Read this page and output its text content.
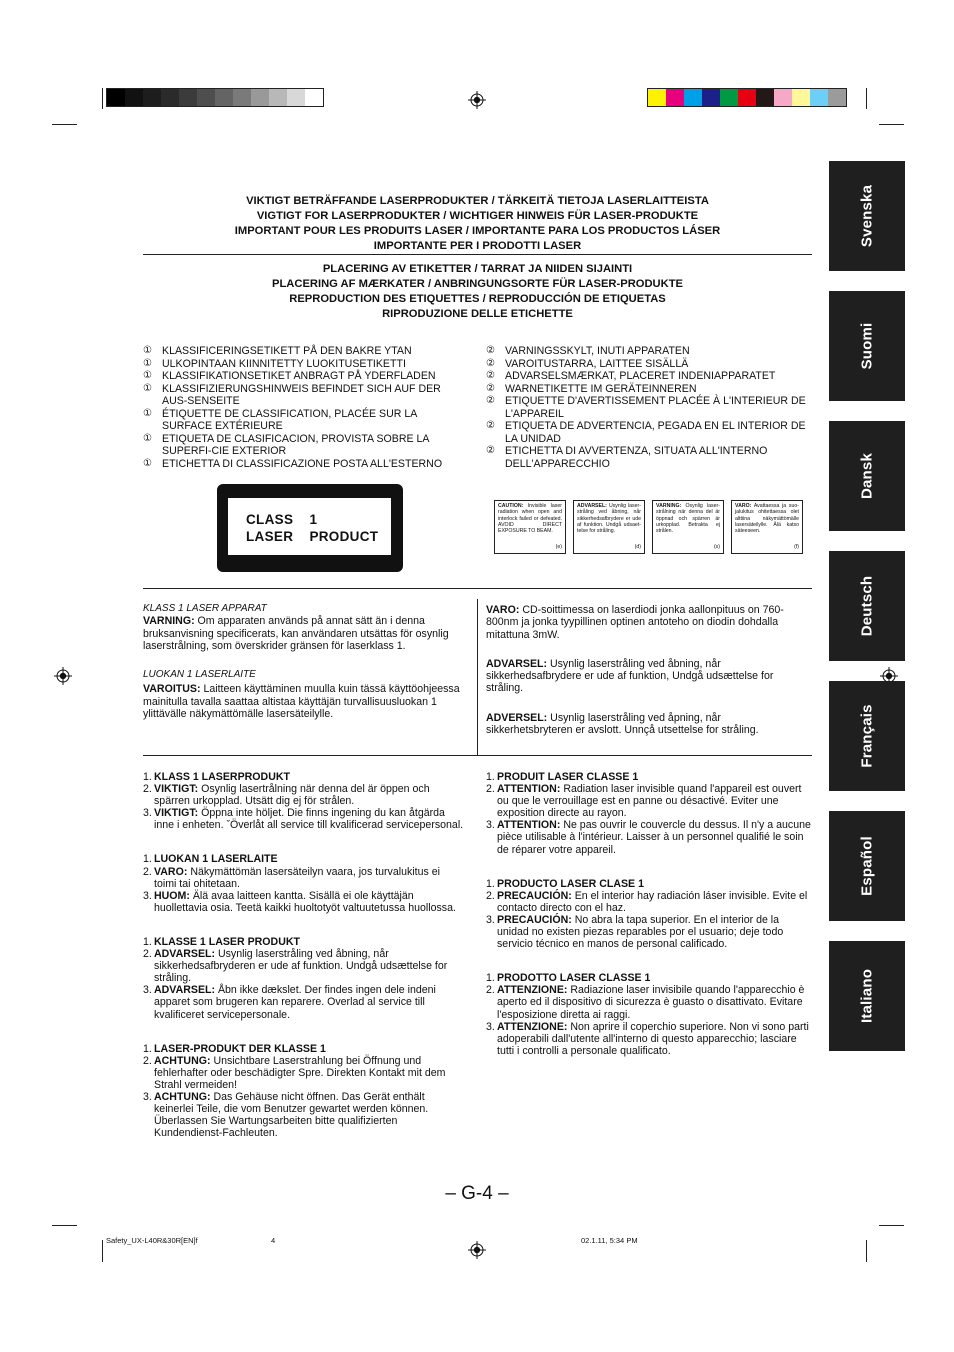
Svenska
Suomi
Dansk
Deutsch
Français
Español
Italiano
VIKTIGT BETRÄFFANDE LASERPRODUKTER / TÄRKEITÄ TIETOJA LASERLAITTEISTA
VIGTIGT FOR LASERPRODUKTER / WICHTIGER HINWEIS FÜR LASER-PRODUKTE
IMPORTANT POUR LES PRODUITS LASER / IMPORTANTE PARA LOS PRODUCTOS LÁSER
IMPORTANTE PER I PRODOTTI LASER
PLACERING AV ETIKETTER / TARRAT JA NIIDEN SIJAINTI
PLACERING AF MÆRKATER / ANBRINGUNGSORTE FÜR LASER-PRODUKTE
REPRODUCTION DES ETIQUETTES / REPRODUCCIÓN DE ETIQUETAS
RIPRODUZIONE DELLE ETICHETTE
① KLASSIFICERINGSETIKETT PÅ DEN BAKRE YTAN
① ULKOPINTAAN KIINNITETTY LUOKITUSETIKETTI
① KLASSIFIKATIONSETIKET ANBRAGT PÅ YDERFLADEN
① KLASSIFIZIERUNGSHINWEIS BEFINDET SICH AUF DER AUS-SENSEITE
① ÉTIQUETTE DE CLASSIFICATION, PLACÉE SUR LA SURFACE EXTÉRIEURE
① ETIQUETA DE CLASIFICACION, PROVISTA SOBRE LA SUPERFI-CIE EXTERIOR
① ETICHETTA DI CLASSIFICAZIONE POSTA ALL'ESTERNO
② VARNINGSSKYLT, INUTI APPARATEN
② VAROITUSTARRA, LAITTEE SISÄLLÄ
② ADVARSELSMÆRKAT, PLACERET INDENIAPPARATET
② WARNETIKETTE IM GERÄTEINNEREN
② ETIQUETTE D'AVERTISSEMENT PLACÉE À L'INTERIEUR DE L'APPAREIL
② ETIQUETA DE ADVERTENCIA, PEGADA EN EL INTERIOR DE LA UNIDAD
② ETICHETTA DI AVVERTENZA, SITUATA ALL'INTERNO DELL'APPARECCHIO
CLASS    1
LASER    PRODUCT
CAUTION: Invisible laser radiation when open and interlock failed or defeated. AVOID DIRECT EXPOSURE TO BEAM.
(e)
ADVARSEL: Usynlig laser-stråling ved åbning, når sikkerhedsafbrydere er ude af funktion. Undgå udsaet-telse for stråling.
(d)
VARNING: Osynlig laser-strålning när denna del är öppnad och spärren är urkopplad. Betrakta ej strålen.
(s)
VARO: Avattaessa ja suo-jalukitus ohitettaessa olet alttiina näkymättömälle lasersäteilylle. Älä katso säteeseen.
(f)

KLASS 1 LASER APPARAT

VARNING: Om apparaten används på annat sätt än i denna bruksanvisning specificerats, kan användaren utsättas för osynlig laserstrålning, som överskrider gränsen för laserklass 1.

LUOKAN 1 LASERLAITE

VAROITUS: Laitteen käyttäminen muulla kuin tässä käyttöohjeessa mainitulla tavalla saattaa altistaa käyttäjän turvallisuusluokan 1 ylittävälle näkymättömälle lasersäteilylle.

VARO: CD-soittimessa on laserdiodi jonka aallonpituus on 760-800nm ja jonka tyypillinen optinen antoteho on diodin dohdalla mitattuna 3mW.

ADVARSEL: Usynlig laserstråling ved åbning, når sikkerhedsafbrydere er ude af funktion, Undgå udsættelse for stråling.

ADVERSEL: Usynlig laserstråling ved åpning, når sikkerhetsbryteren er avslott. Unnçå utsettelse for stråling.

1. KLASS 1 LASERPRODUKT
2. VIKTIGT: Osynlig lasertrålning när denna del är öppen och spärren urkopplad. Utsätt dig ej för strålen.
3. VIKTIGT: Öppna inte höljet. Die finns ingening du kan åtgärda inne i enheten. ˇÖverlåt all service till kvalificerad servicepersonal.
1. LUOKAN 1 LASERLAITE
2. VARO: Näkymättömän lasersäteilyn vaara, jos turvalukitus ei toimi tai ohitetaan.
3. HUOM: Älä avaa laitteen kantta. Sisällä ei ole käyttäjän huollettavia osia. Teetä kaikki huoltotyöt valtuutetussa huollossa.
1. KLASSE 1 LASER PRODUKT
2. ADVARSEL: Usynlig laserstråling ved åbning, når sikkerhedsafbryderen er ude af funktion. Undgå udsættelse for stråling.
3. ADVARSEL: Åbn ikke dækslet. Der findes ingen dele indeni apparet som brugeren kan reparere. Overlad al service till kvalificeret servicepersonale.
1. LASER-PRODUKT DER KLASSE 1
2. ACHTUNG: Unsichtbare Laserstrahlung bei Öffnung und fehlerhafter oder beschädigter Spre. Direkten Kontakt mit dem Strahl vermeiden!
3. ACHTUNG: Das Gehäuse nicht öffnen. Das Gerät enthält keinerlei Teile, die vom Benutzer gewartet werden können. Überlassen Sie Wartungsarbeiten bitte qualifizierten Kundendienst-Fachleuten.
1. PRODUIT LASER CLASSE 1
2. ATTENTION: Radiation laser invisible quand l'appareil est ouvert ou que le verrouillage est en panne ou désactivé. Eviter une exposition directe au rayon.
3. ATTENTION: Ne pas ouvrir le couvercle du dessus. Il n'y a aucune pièce utilisable à l'intérieur. Laisser à un personnel qualifié le soin de réparer votre appareil.
1. PRODUCTO LASER CLASE 1
2. PRECAUCIÓN: En el interior hay radiación láser invisible. Evite el contacto directo con el haz.
3. PRECAUCIÓN: No abra la tapa superior. En el interior de la unidad no existen piezas reparables por el usuario; deje todo servicio técnico en manos de personal calificado.
1. PRODOTTO LASER CLASSE 1
2. ATTENZIONE: Radiazione laser invisibile quando l'apparecchio è aperto ed il dispositivo di sicurezza è guasto o disattivato. Evitare l'esposizione diretta ai raggi.
3. ATTENZIONE: Non aprire il coperchio superiore. Non vi sono parti adoperabili dall'utente all'interno di questo apparecchio; lasciare tutti i controlli a personale qualificato.
– G-4 –
Safety_UX-L40R&30R[EN]f	4	02.1.11, 5:34 PM
